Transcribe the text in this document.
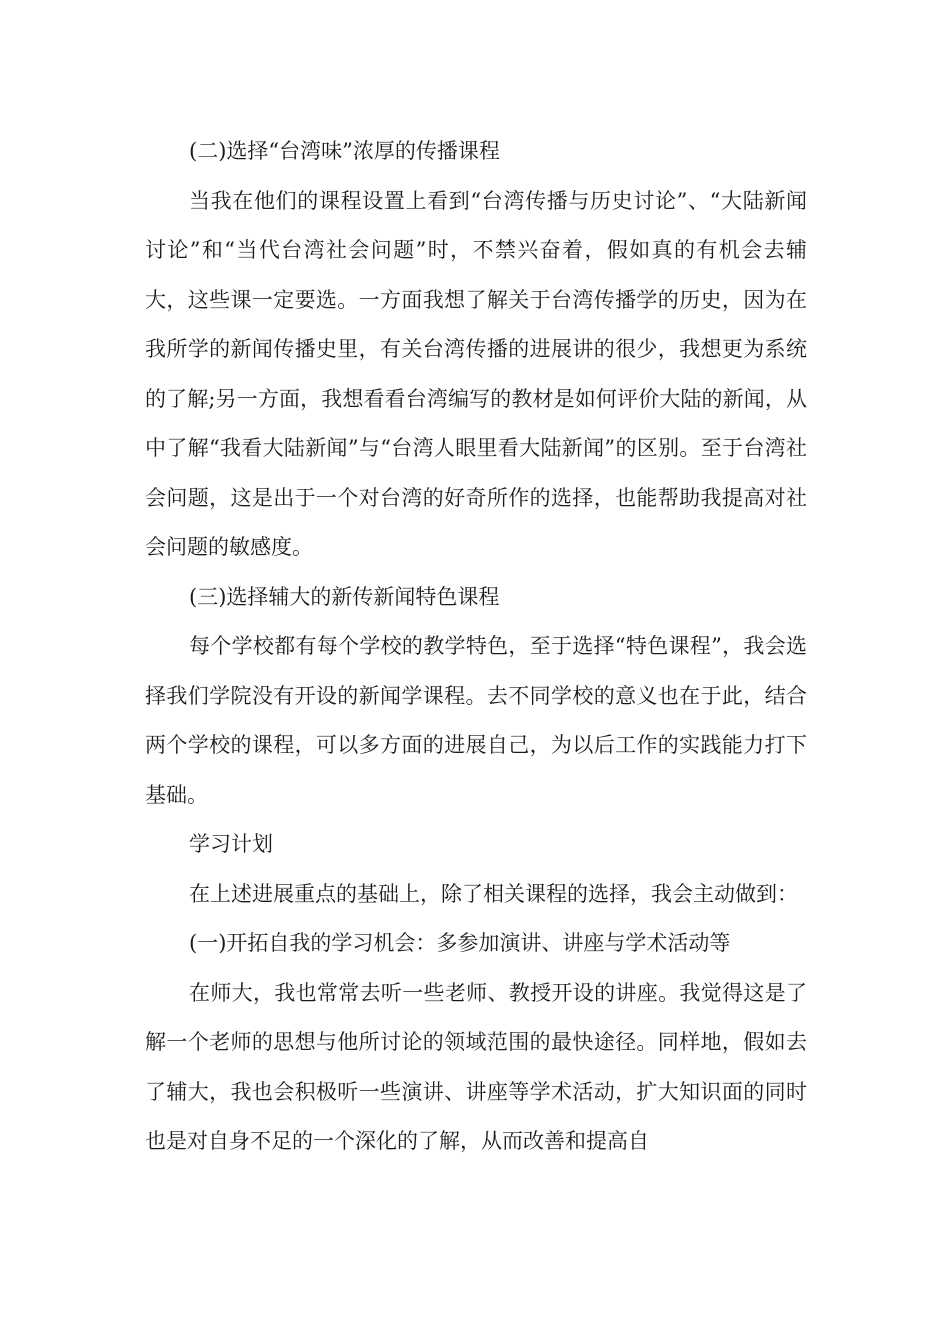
(二)选择“台湾味”浓厚的传播课程

当我在他们的课程设置上看到“台湾传播与历史讨论”、“大陆新闻讨论”和“当代台湾社会问题”时，不禁兴奋着，假如真的有机会去辅大，这些课一定要选。一方面我想了解关于台湾传播学的历史，因为在我所学的新闻传播史里，有关台湾传播的进展讲的很少，我想更为系统的了解;另一方面，我想看看台湾编写的教材是如何评价大陆的新闻，从中了解“我看大陆新闻”与“台湾人眼里看大陆新闻”的区别。至于台湾社会问题，这是出于一个对台湾的好奇所作的选择，也能帮助我提高对社会问题的敏感度。

(三)选择辅大的新传新闻特色课程

每个学校都有每个学校的教学特色，至于选择“特色课程”，我会选择我们学院没有开设的新闻学课程。去不同学校的意义也在于此，结合两个学校的课程，可以多方面的进展自己，为以后工作的实践能力打下基础。

学习计划

在上述进展重点的基础上，除了相关课程的选择，我会主动做到：

(一)开拓自我的学习机会：多参加演讲、讲座与学术活动等

在师大，我也常常去听一些老师、教授开设的讲座。我觉得这是了解一个老师的思想与他所讨论的领域范围的最快途径。同样地，假如去了辅大，我也会积极听一些演讲、讲座等学术活动，扩大知识面的同时也是对自身不足的一个深化的了解，从而改善和提高自
